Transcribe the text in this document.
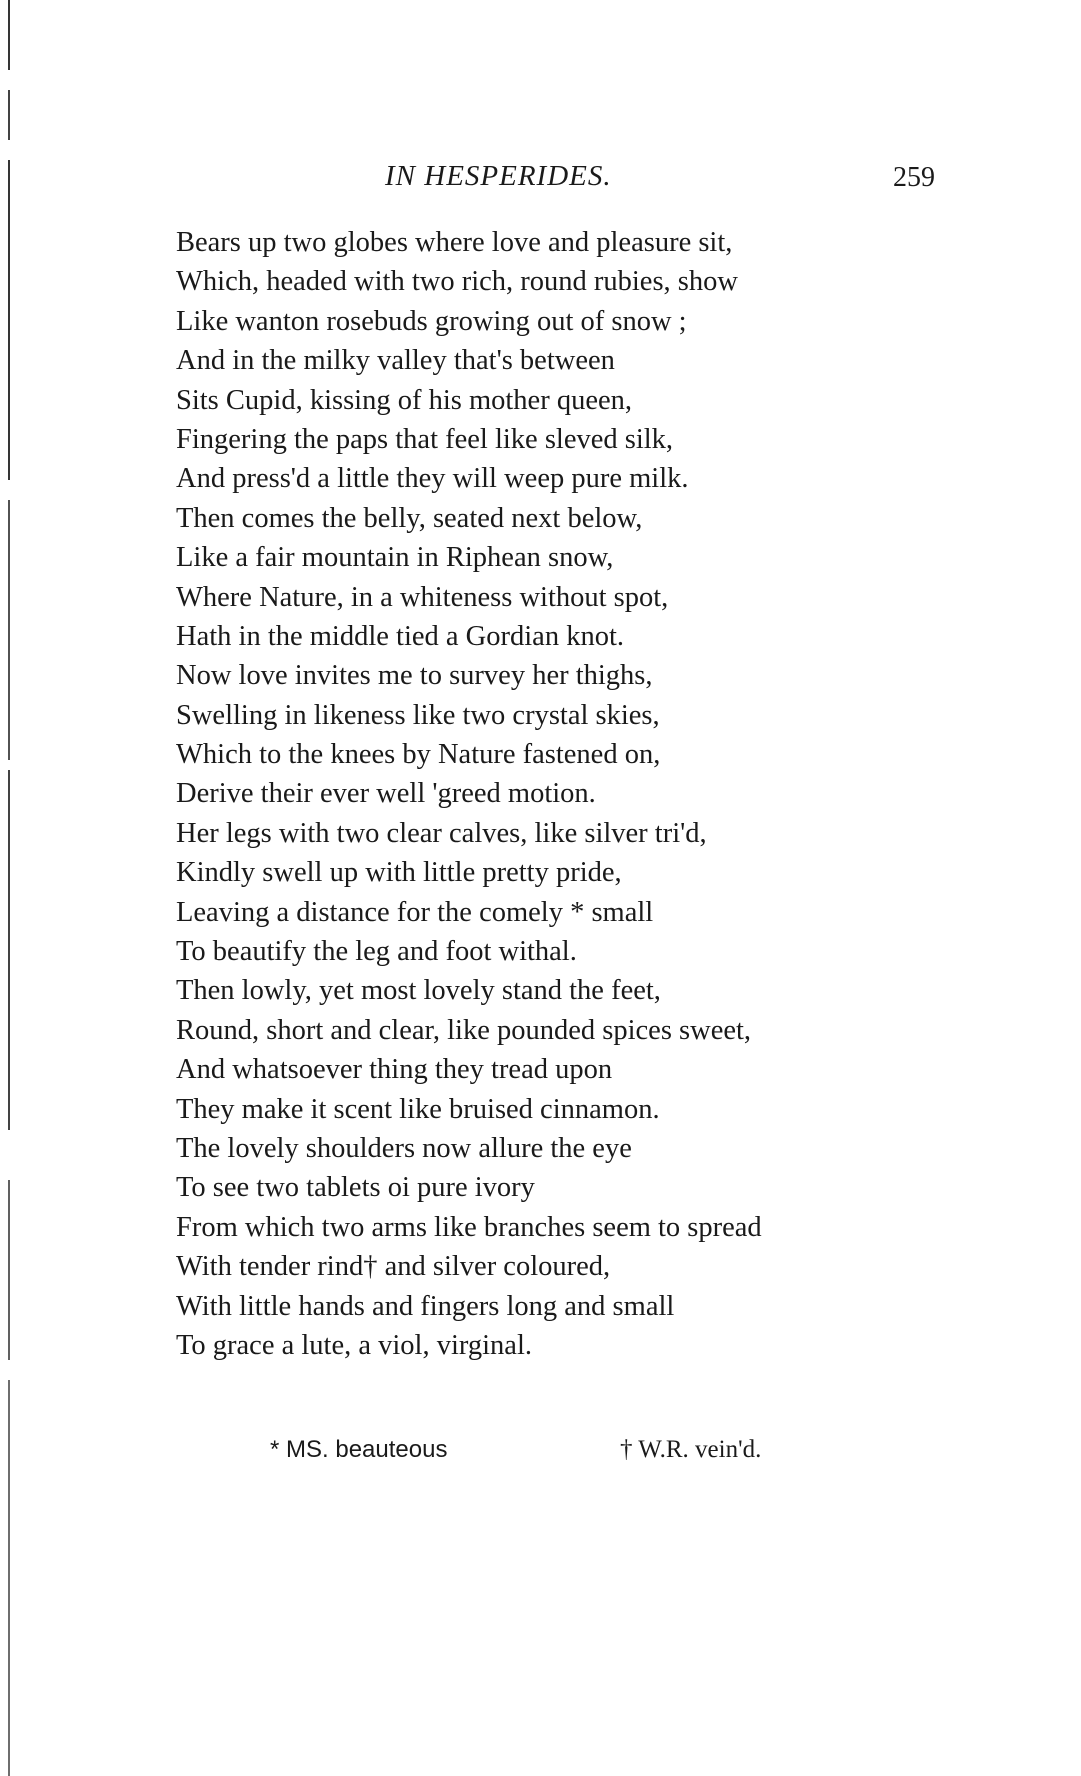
IN HESPERIDES.	259
Bears up two globes where love and pleasure sit,
Which, headed with two rich, round rubies, show
Like wanton rosebuds growing out of snow ;
And in the milky valley that's between
Sits Cupid, kissing of his mother queen,
Fingering the paps that feel like sleved silk,
And press'd a little they will weep pure milk.
Then comes the belly, seated next below,
Like a fair mountain in Riphean snow,
Where Nature, in a whiteness without spot,
Hath in the middle tied a Gordian knot.
Now love invites me to survey her thighs,
Swelling in likeness like two crystal skies,
Which to the knees by Nature fastened on,
Derive their ever well 'greed motion.
Her legs with two clear calves, like silver tri'd,
Kindly swell up with little pretty pride,
Leaving a distance for the comely * small
To beautify the leg and foot withal.
Then lowly, yet most lovely stand the feet,
Round, short and clear, like pounded spices sweet,
And whatsoever thing they tread upon
They make it scent like bruised cinnamon.
The lovely shoulders now allure the eye
To see two tablets oi pure ivory
From which two arms like branches seem to spread
With tender rind† and silver coloured,
With little hands and fingers long and small
To grace a lute, a viol, virginal.
* MS. beauteous	† W.R. vein'd.
